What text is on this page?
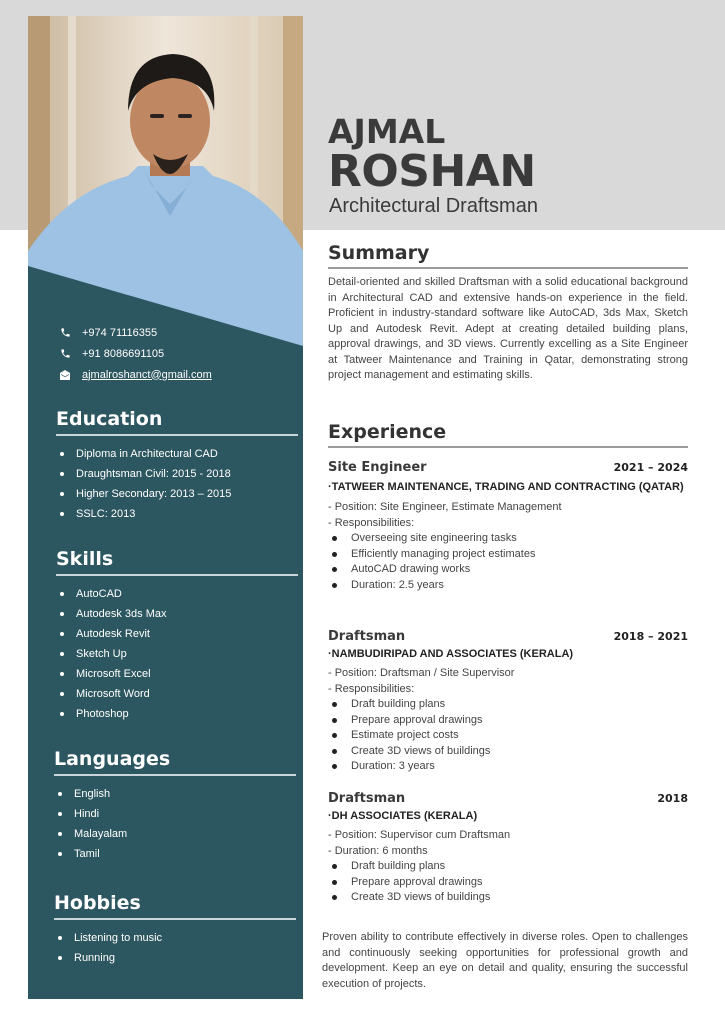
+974 71116355
+91 8086691105
ajmalroshanct@gmail.com
Education
Diploma in Architectural CAD
Draughtsman Civil: 2015 - 2018
Higher Secondary: 2013 – 2015
SSLC: 2013
Skills
AutoCAD
Autodesk 3ds Max
Autodesk Revit
Sketch Up
Microsoft Excel
Microsoft Word
Photoshop
Languages
English
Hindi
Malayalam
Tamil
Hobbies
Listening to music
Running
AJMAL
ROSHAN
Architectural Draftsman
Summary

Detail-oriented and skilled Draftsman with a solid educational background in Architectural CAD and extensive hands-on experience in the field. Proficient in industry-standard software like AutoCAD, 3ds Max, Sketch Up and Autodesk Revit. Adept at creating detailed building plans, approval drawings, and 3D views. Currently excelling as a Site Engineer at Tatweer Maintenance and Training in Qatar, demonstrating strong project management and estimating skills.

Experience
Site Engineer	2021 – 2024
·TATWEER MAINTENANCE, TRADING AND CONTRACTING (QATAR)
- Position: Site Engineer, Estimate Management
- Responsibilities:
Overseeing site engineering tasks
Efficiently managing project estimates
AutoCAD drawing works
Duration: 2.5 years
Draftsman	2018 – 2021
·NAMBUDIRIPAD AND ASSOCIATES (KERALA)
- Position: Draftsman / Site Supervisor
- Responsibilities:
Draft building plans
Prepare approval drawings
Estimate project costs
Create 3D views of buildings
Duration: 3 years
Draftsman	2018
·DH ASSOCIATES (KERALA)
- Position: Supervisor cum Draftsman
- Duration: 6 months
Draft building plans
Prepare approval drawings
Create 3D views of buildings

Proven ability to contribute effectively in diverse roles. Open to challenges and continuously seeking opportunities for professional growth and development. Keep an eye on detail and quality, ensuring the successful execution of projects.
